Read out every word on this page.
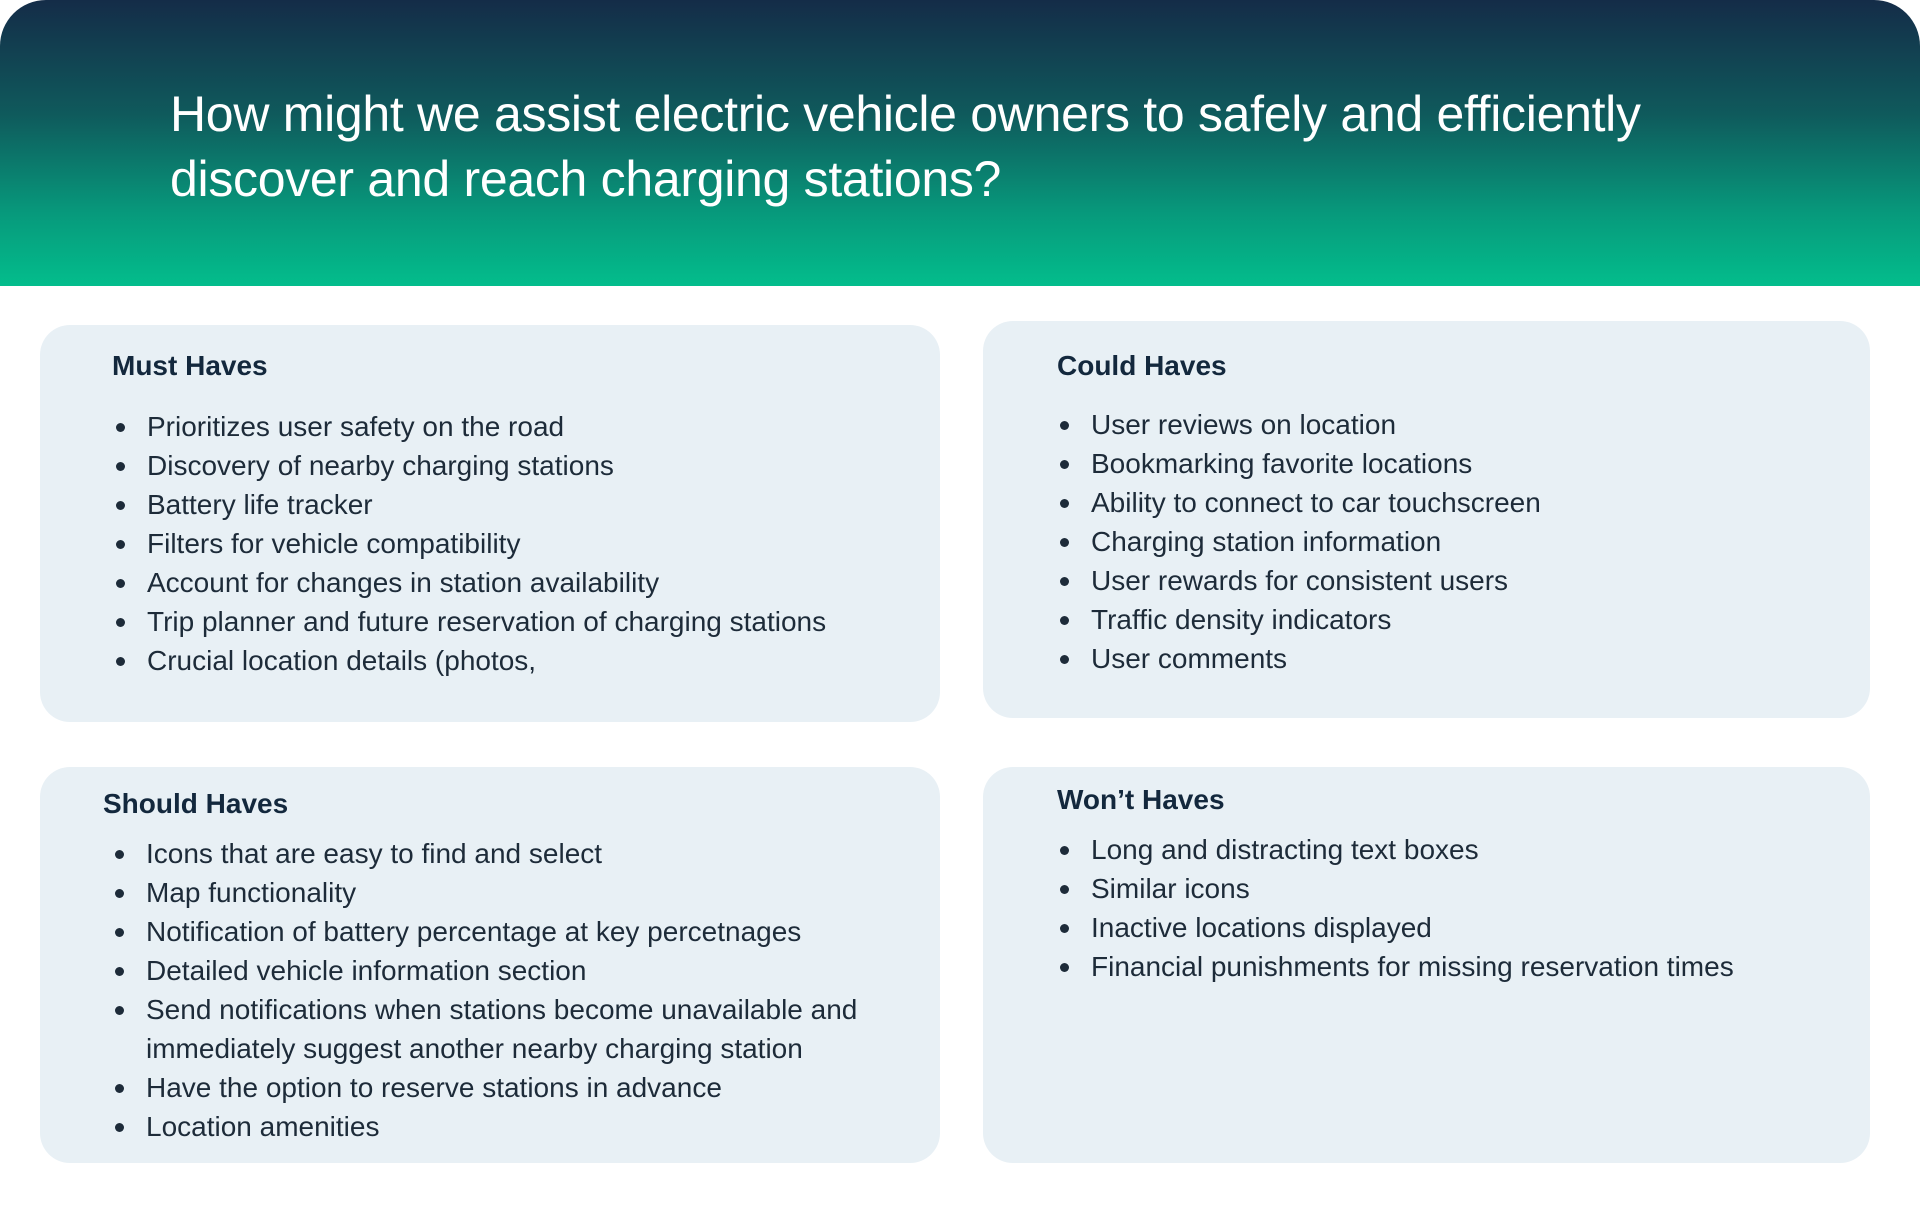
How might we assist electric vehicle owners to safely and efficiently discover and reach charging stations?
Must Haves
Prioritizes user safety on the road
Discovery of nearby charging stations
Battery life tracker
Filters for vehicle compatibility
Account for changes in station availability
Trip planner and future reservation of charging stations
Crucial location details (photos,
Could Haves
User reviews on location
Bookmarking favorite locations
Ability to connect to car touchscreen
Charging station information
User rewards for consistent users
Traffic density indicators
User comments
Should Haves
Icons that are easy to find and select
Map functionality
Notification of battery percentage at key percetnages
Detailed vehicle information section
Send notifications when stations become unavailable and immediately suggest another nearby charging station
Have the option to reserve stations in advance
Location amenities
Won’t Haves
Long and distracting text boxes
Similar icons
Inactive locations displayed
Financial punishments for missing reservation times
